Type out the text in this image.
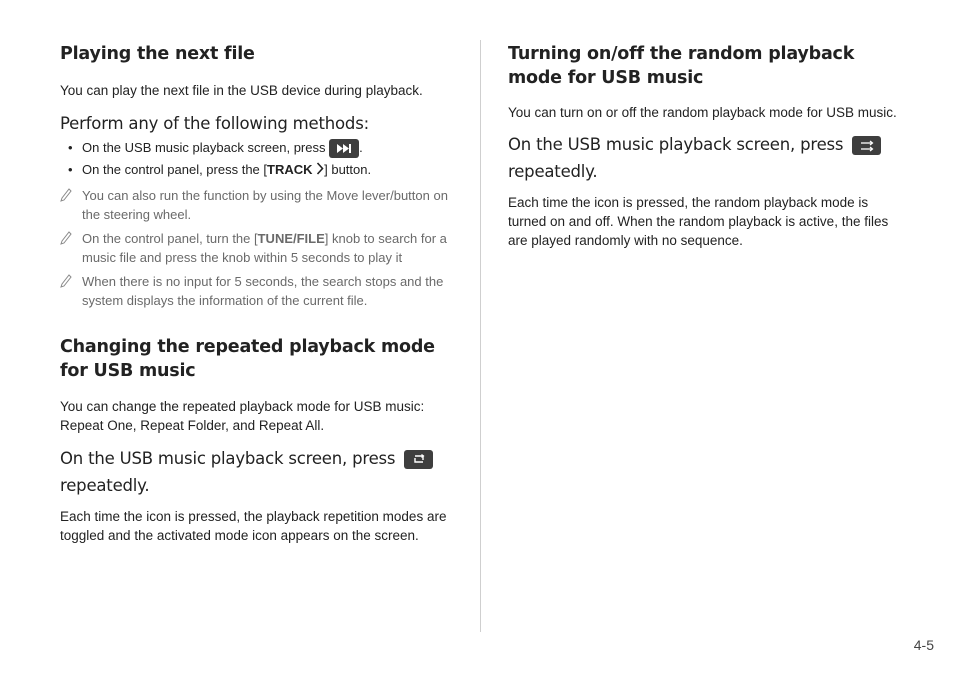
Playing the next file

You can play the next file in the USB device during playback.

Perform any of the following methods:
• On the USB music playback screen, press	.
• On the control panel, press the [TRACK ] button.
You can also run the function by using the Move lever/button on the steering wheel.
On the control panel, turn the [TUNE/FILE] knob to search for a music file and press the knob within 5 seconds to play it
When there is no input for 5 seconds, the search stops and the system displays the information of the current file.
Changing the repeated playback mode for USB music

You can change the repeated playback mode for USB music: Repeat One, Repeat Folder, and Repeat All.

On the USB music playback screen, press

repeatedly.

Each time the icon is pressed, the playback repetition modes are toggled and the activated mode icon appears on the screen.

Turning on/off the random playback mode for USB music

You can turn on or off the random playback mode for USB music.

On the USB music playback screen, press

repeatedly.

Each time the icon is pressed, the random playback mode is turned on and off. When the random playback is active, the files are played randomly with no sequence.

4-5
